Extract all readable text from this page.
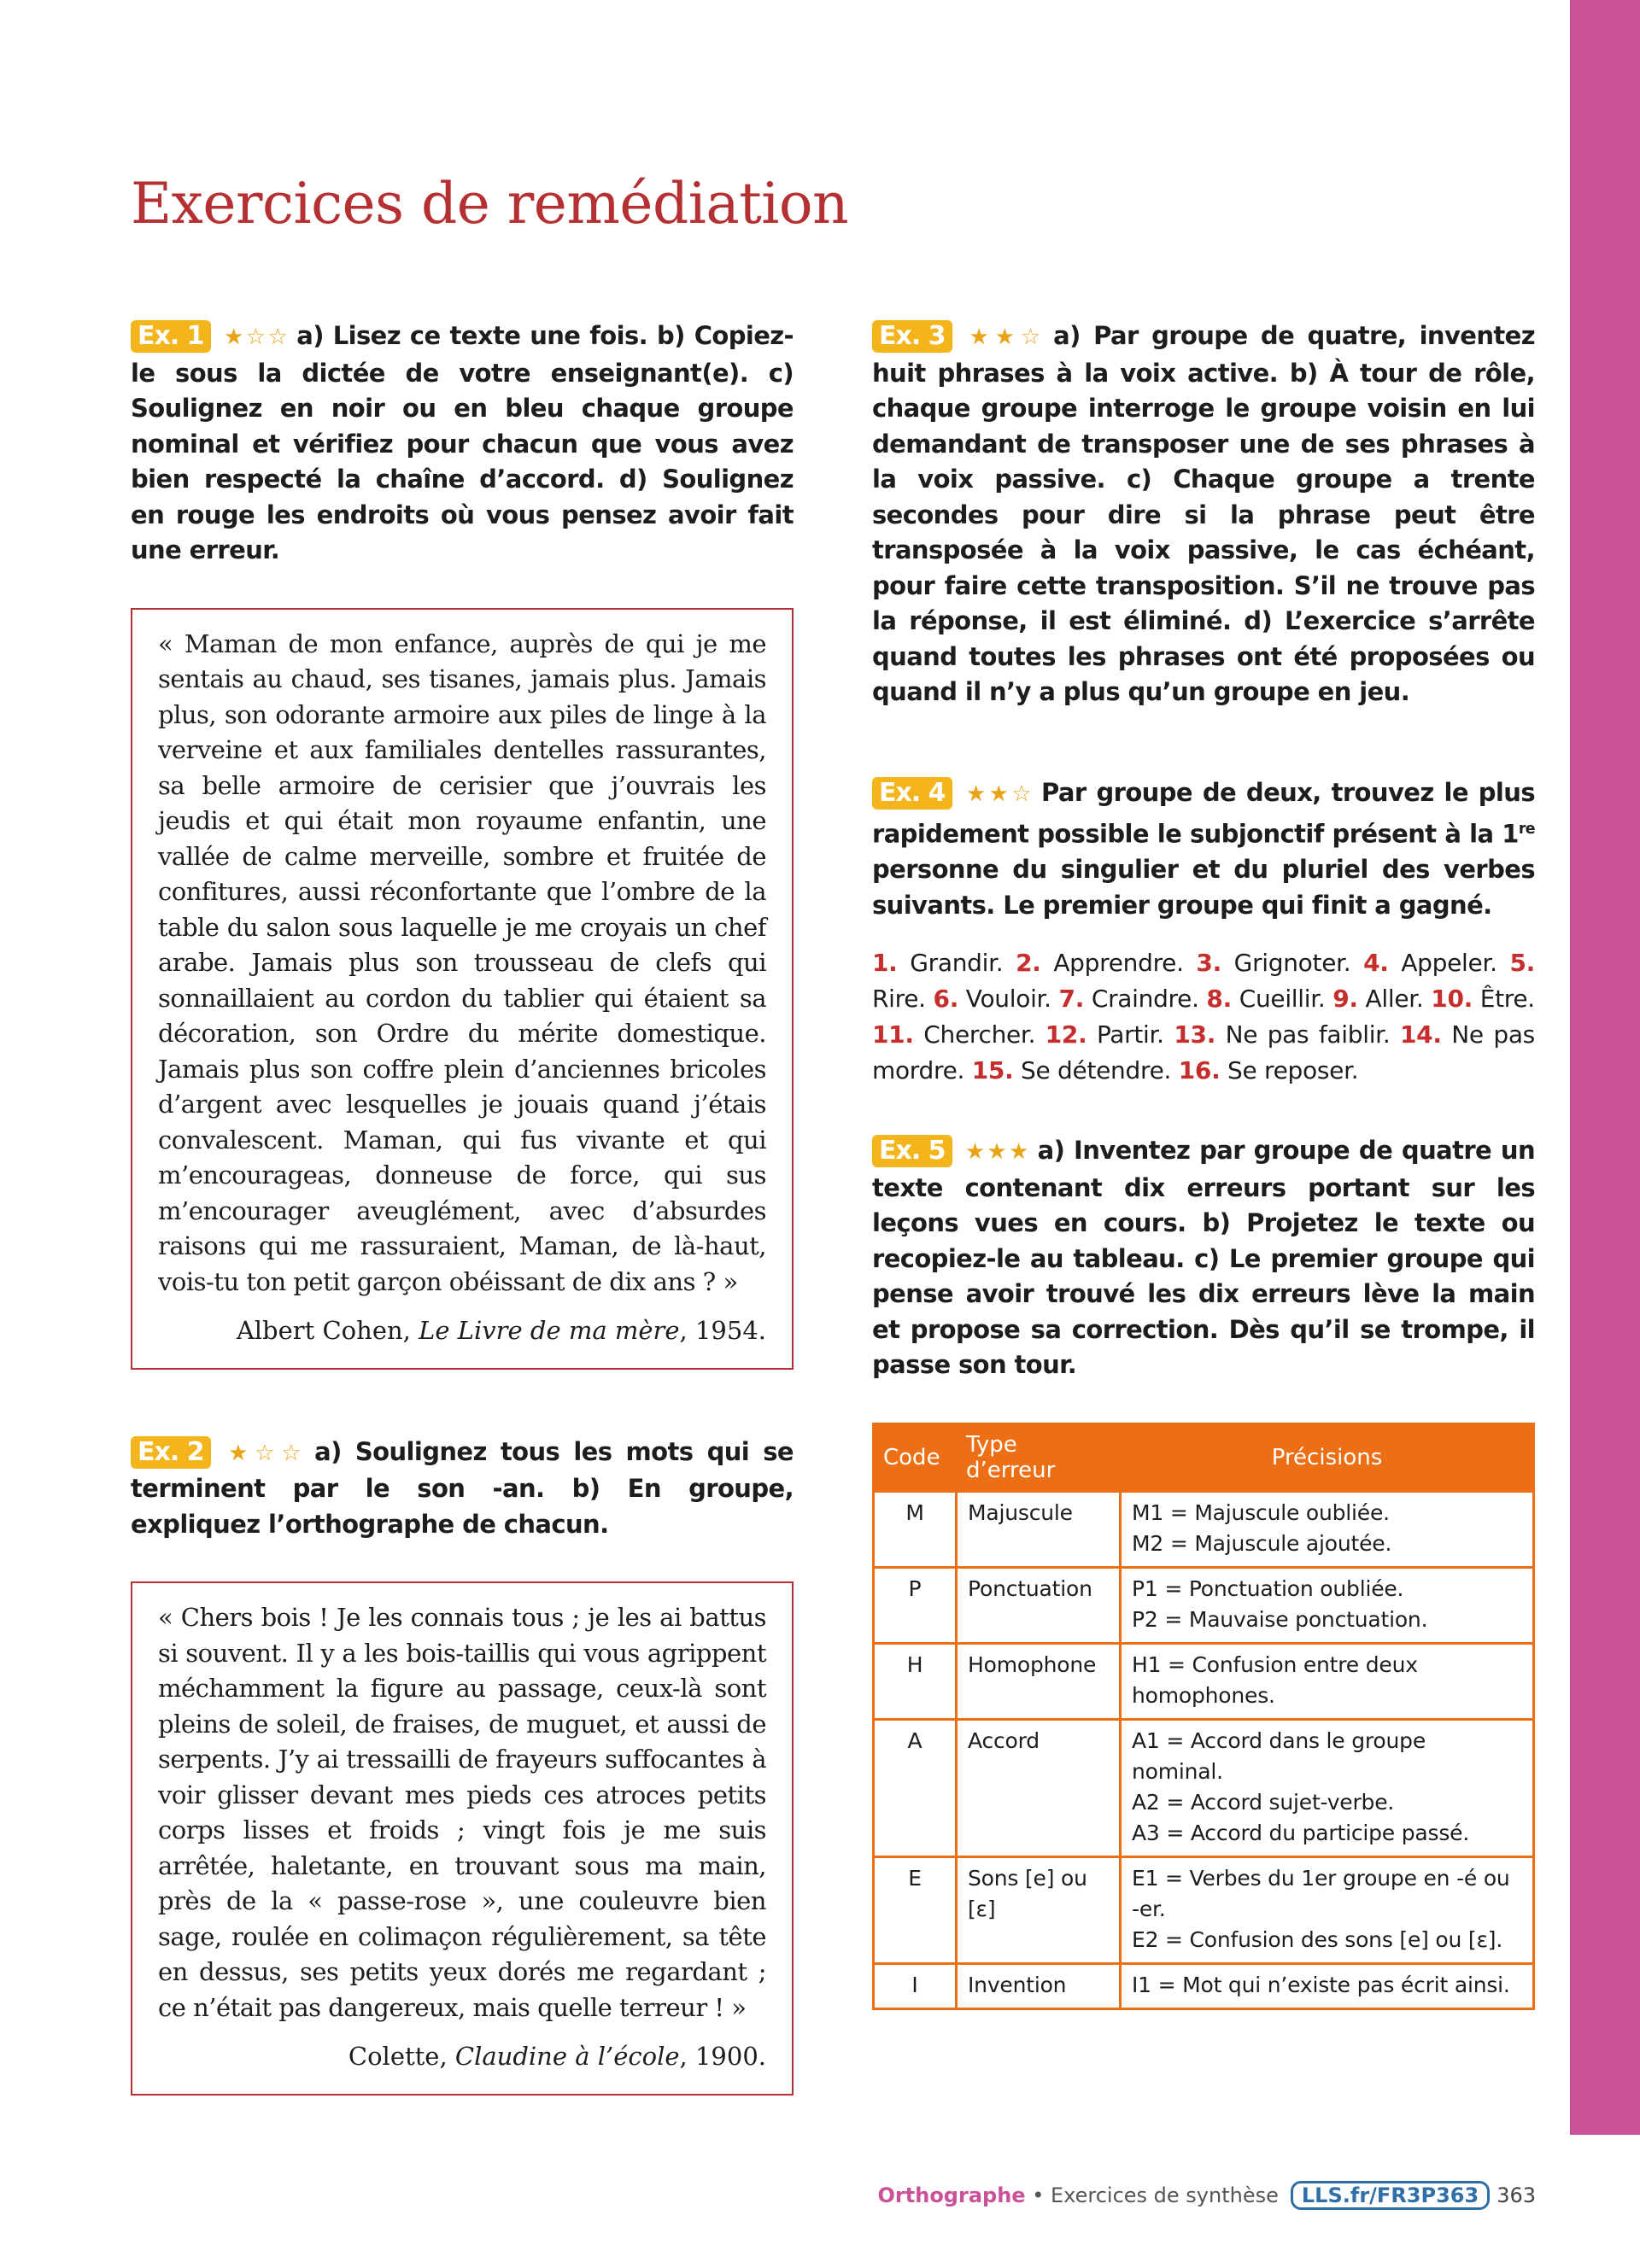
Exercices de remédiation

Ex. 1 ★☆☆ a) Lisez ce texte une fois. b) Copiez-le sous la dictée de votre enseignant(e). c) Soulignez en noir ou en bleu chaque groupe nominal et vérifiez pour chacun que vous avez bien respecté la chaîne d’accord. d) Soulignez en rouge les endroits où vous pensez avoir fait une erreur.

« Maman de mon enfance, auprès de qui je me sentais au chaud, ses tisanes, jamais plus. Jamais plus, son odorante armoire aux piles de linge à la verveine et aux familiales dentelles rassurantes, sa belle armoire de cerisier que j’ouvrais les jeudis et qui était mon royaume enfantin, une vallée de calme merveille, sombre et fruitée de confitures, aussi réconfortante que l’ombre de la table du salon sous laquelle je me croyais un chef arabe. Jamais plus son trousseau de clefs qui sonnaillaient au cordon du tablier qui étaient sa décoration, son Ordre du mérite domestique. Jamais plus son coffre plein d’anciennes bricoles d’argent avec lesquelles je jouais quand j’étais convalescent. Maman, qui fus vivante et qui m’encourageas, donneuse de force, qui sus m’encourager aveuglément, avec d’absurdes raisons qui me rassuraient, Maman, de là-haut, vois-tu ton petit garçon obéissant de dix ans ? »

Albert Cohen, Le Livre de ma mère, 1954.

Ex. 2 ★☆☆ a) Soulignez tous les mots qui se terminent par le son -an. b) En groupe, expliquez l’orthographe de chacun.

« Chers bois ! Je les connais tous ; je les ai battus si souvent. Il y a les bois-taillis qui vous agrippent méchamment la figure au passage, ceux-là sont pleins de soleil, de fraises, de muguet, et aussi de serpents. J’y ai tressailli de frayeurs suffocantes à voir glisser devant mes pieds ces atroces petits corps lisses et froids ; vingt fois je me suis arrêtée, haletante, en trouvant sous ma main, près de la « passe-rose », une couleuvre bien sage, roulée en colimaçon régulièrement, sa tête en dessus, ses petits yeux dorés me regardant ; ce n’était pas dangereux, mais quelle terreur ! »

Colette, Claudine à l’école, 1900.

Ex. 3 ★★☆ a) Par groupe de quatre, inventez huit phrases à la voix active. b) À tour de rôle, chaque groupe interroge le groupe voisin en lui demandant de transposer une de ses phrases à la voix passive. c) Chaque groupe a trente secondes pour dire si la phrase peut être transposée à la voix passive, le cas échéant, pour faire cette transposition. S’il ne trouve pas la réponse, il est éliminé. d) L’exercice s’arrête quand toutes les phrases ont été proposées ou quand il n’y a plus qu’un groupe en jeu.

Ex. 4 ★★☆ Par groupe de deux, trouvez le plus rapidement possible le subjonctif présent à la 1re personne du singulier et du pluriel des verbes suivants. Le premier groupe qui finit a gagné.

1. Grandir. 2. Apprendre. 3. Grignoter. 4. Appeler. 5. Rire. 6. Vouloir. 7. Craindre. 8. Cueillir. 9. Aller. 10. Être. 11. Chercher. 12. Partir. 13. Ne pas faiblir. 14. Ne pas mordre. 15. Se détendre. 16. Se reposer.

Ex. 5 ★★★ a) Inventez par groupe de quatre un texte contenant dix erreurs portant sur les leçons vues en cours. b) Projetez le texte ou recopiez-le au tableau. c) Le premier groupe qui pense avoir trouvé les dix erreurs lève la main et propose sa correction. Dès qu’il se trompe, il passe son tour.

Code	Type d’erreur	Précisions
M	Majuscule	M1 = Majuscule oubliée.
M2 = Majuscule ajoutée.

P	Ponctuation	P1 = Ponctuation oubliée.
P2 = Mauvaise ponctuation.

H	Homophone	H1 = Confusion entre deux homophones.

A	Accord	A1 = Accord dans le groupe nominal.
A2 = Accord sujet-verbe.
A3 = Accord du participe passé.

E	Sons [e] ou [ε]	E1 = Verbes du 1er groupe en -é ou -er.
E2 = Confusion des sons [e] ou [ε].

I	Invention	I1 = Mot qui n’existe pas écrit ainsi.
Orthographe • Exercices de synthèse LLS.fr/FR3P363 363
